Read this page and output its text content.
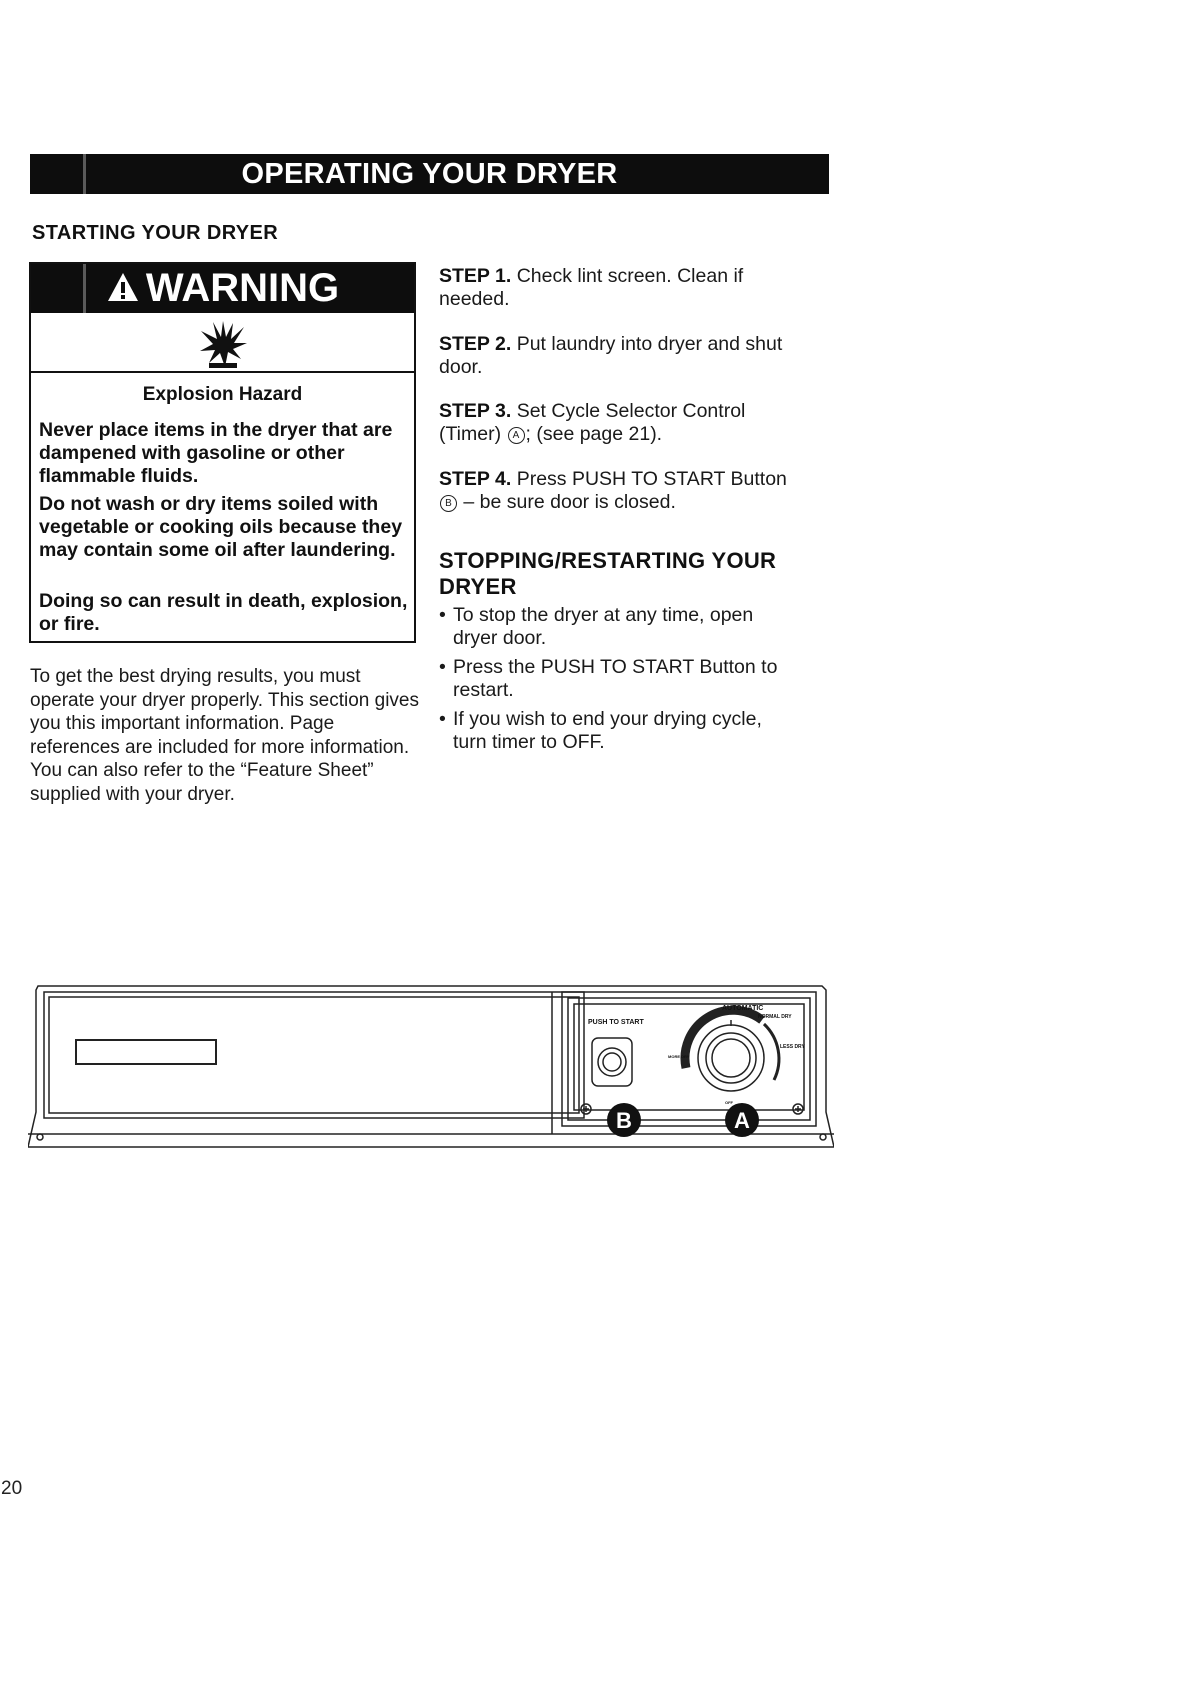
OPERATING YOUR DRYER
STARTING YOUR DRYER
WARNING
Explosion Hazard
Never place items in the dryer that are dampened with gasoline or other flammable fluids.
Do not wash or dry items soiled with vegetable or cooking oils because they may contain some oil after laundering.
Doing so can result in death, explosion, or fire.
To get the best drying results, you must operate your dryer properly. This section gives you this important information. Page references are included for more information. You can also refer to the “Feature Sheet” supplied with your dryer.
STEP 1. Check lint screen. Clean if needed.
STEP 2. Put laundry into dryer and shut door.
STEP 3. Set Cycle Selector Control (Timer) A ; (see page 21).
STEP 4. Press PUSH TO START Button B – be sure door is closed.
STOPPING/RESTARTING YOUR DRYER
• To stop the dryer at any time, open dryer door.
• Press the PUSH TO START Button to restart.
• If you wish to end your drying cycle, turn timer to OFF.
PUSH TO START
AUTOMATIC
NORMAL DRY
LESS DRY
MORE DRY
OFF
B	A
20
